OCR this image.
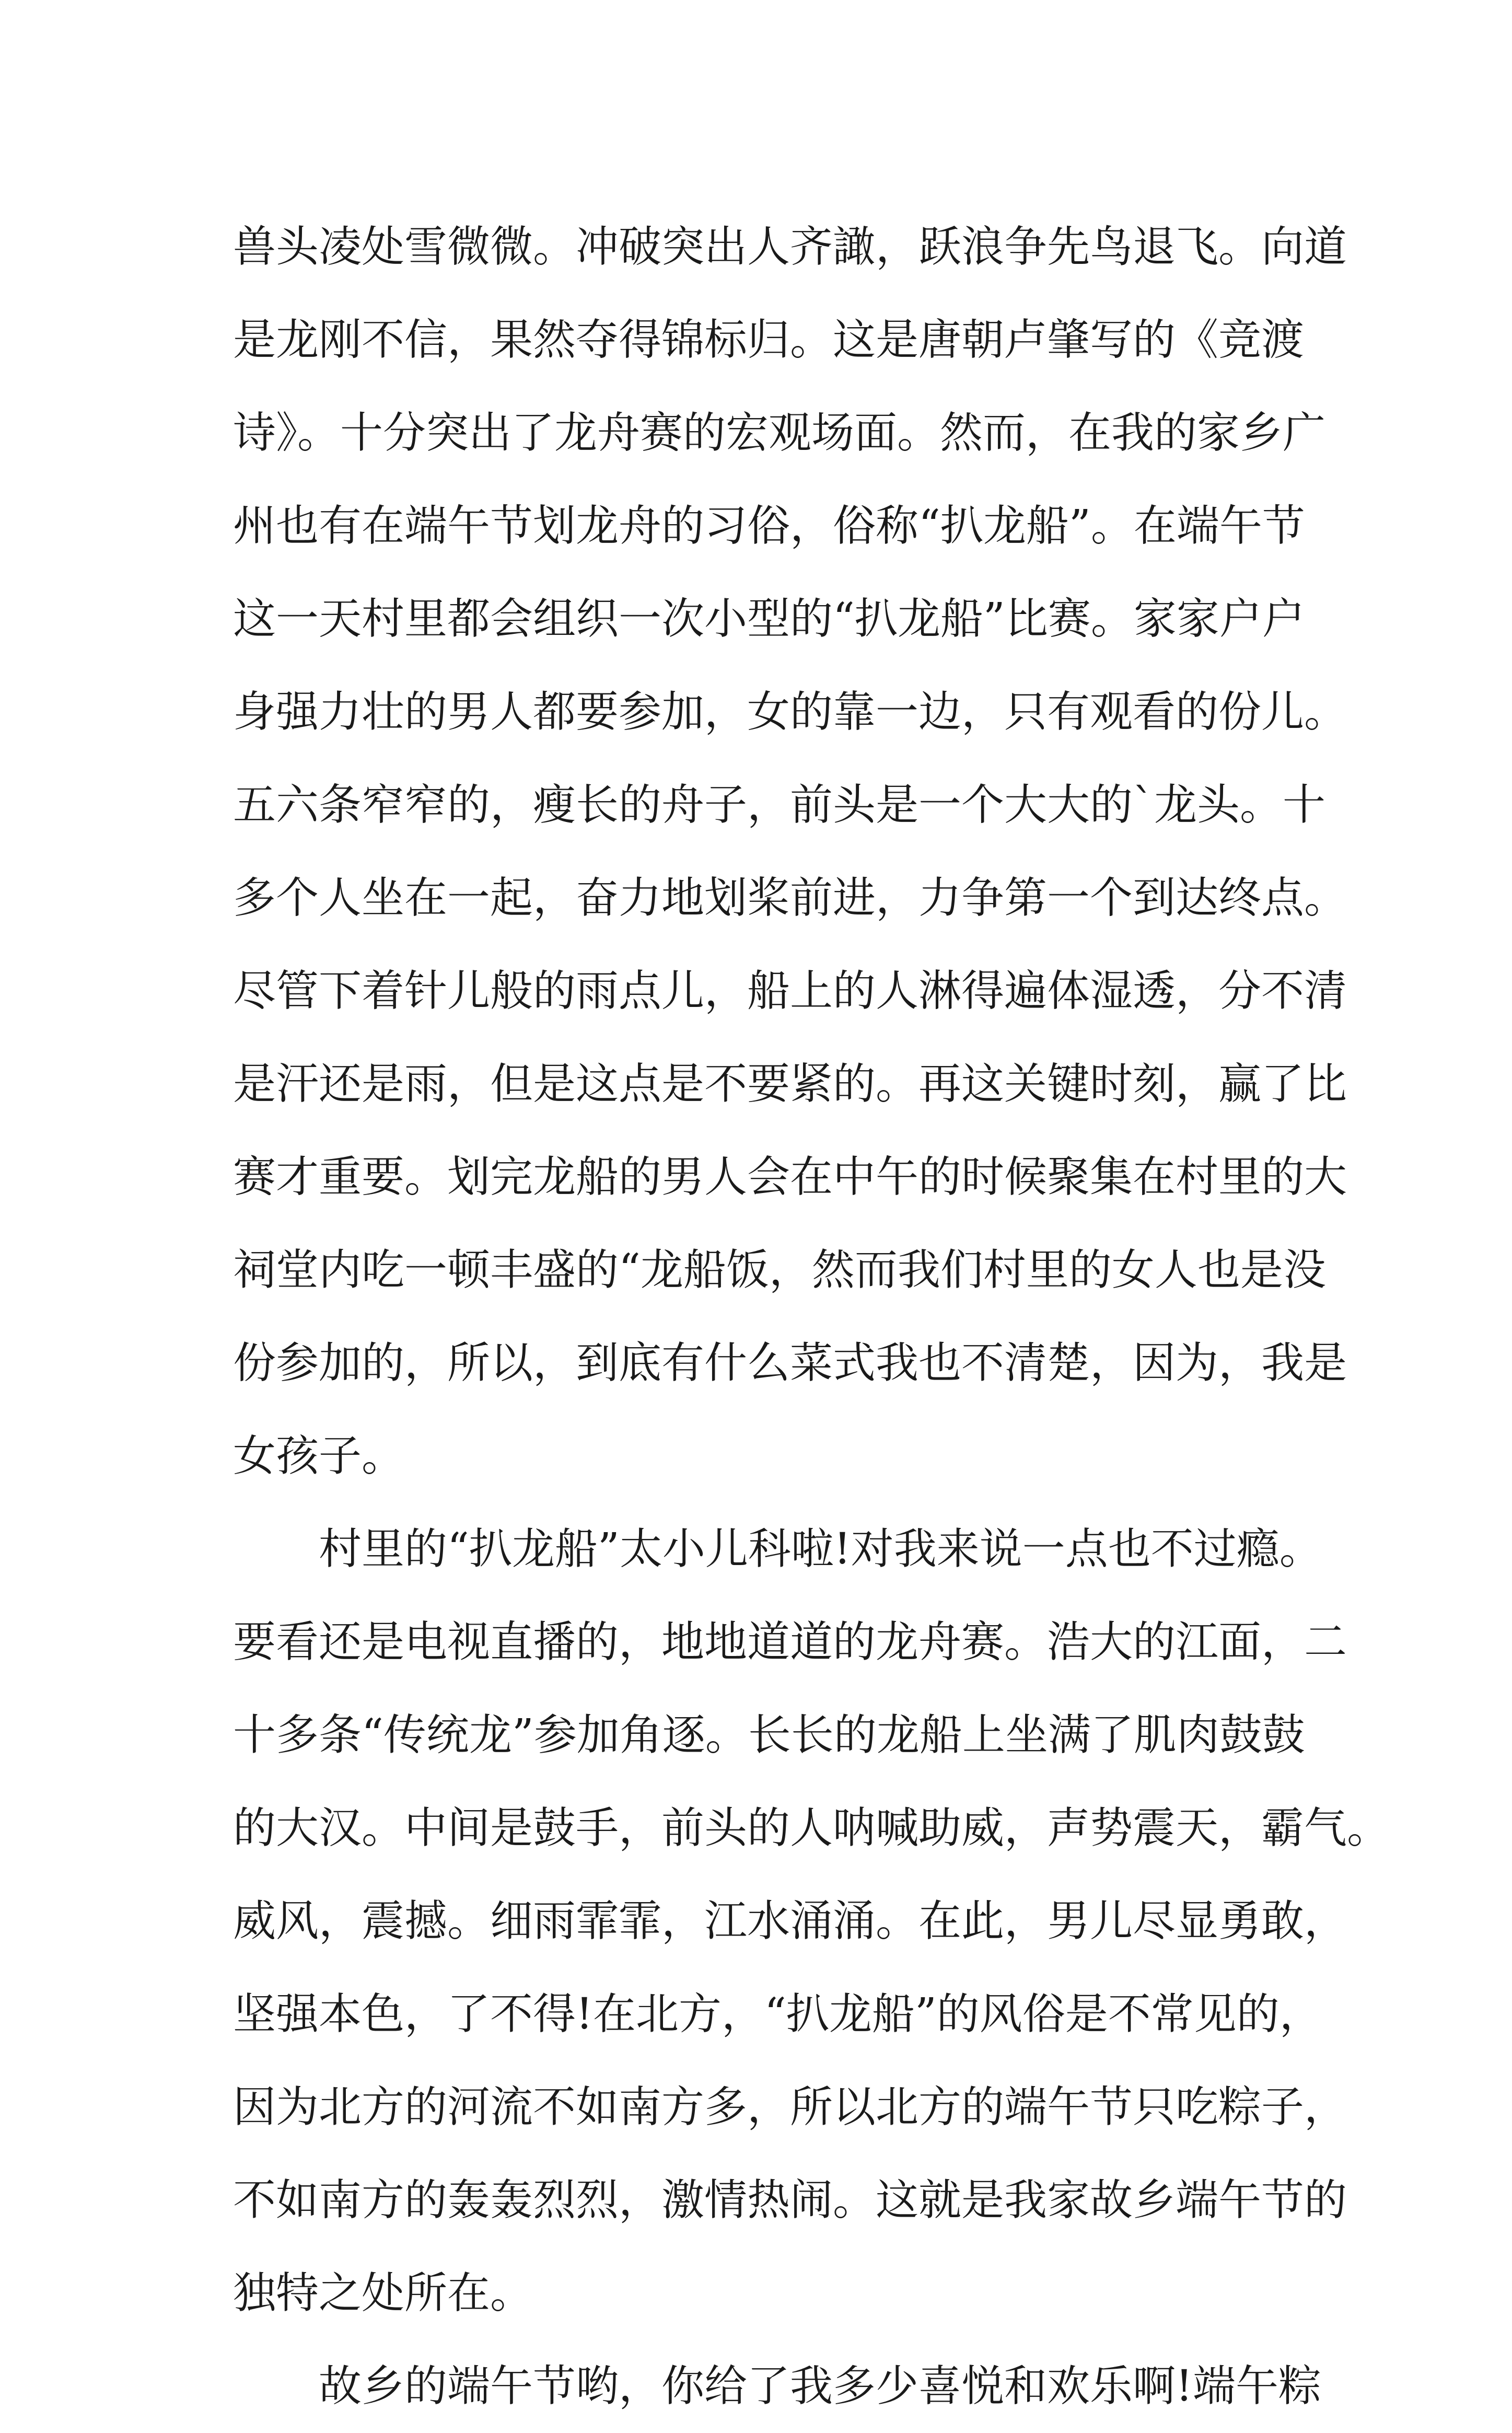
兽头凌处雪微微。冲破突出人齐譀，跃浪争先鸟退飞。向道
是龙刚不信，果然夺得锦标归。这是唐朝卢肇写的《竞渡
诗》。十分突出了龙舟赛的宏观场面。然而，在我的家乡广
州也有在端午节划龙舟的习俗，俗称“扒龙船”。在端午节
这一天村里都会组织一次小型的“扒龙船”比赛。家家户户
身强力壮的男人都要参加，女的靠一边，只有观看的份儿。
五六条窄窄的，瘦长的舟子，前头是一个大大的`龙头。十
多个人坐在一起，奋力地划桨前进，力争第一个到达终点。
尽管下着针儿般的雨点儿，船上的人淋得遍体湿透，分不清
是汗还是雨，但是这点是不要紧的。再这关键时刻，赢了比
赛才重要。划完龙船的男人会在中午的时候聚集在村里的大
祠堂内吃一顿丰盛的“龙船饭，然而我们村里的女人也是没
份参加的，所以，到底有什么菜式我也不清楚，因为，我是
女孩子。
村里的“扒龙船”太小儿科啦!对我来说一点也不过瘾。
要看还是电视直播的，地地道道的龙舟赛。浩大的江面，二
十多条“传统龙”参加角逐。长长的龙船上坐满了肌肉鼓鼓
的大汉。中间是鼓手，前头的人呐喊助威，声势震天，霸气。
威风，震撼。细雨霏霏，江水涌涌。在此，男儿尽显勇敢，
坚强本色，了不得!在北方，“扒龙船”的风俗是不常见的，
因为北方的河流不如南方多，所以北方的端午节只吃粽子，
不如南方的轰轰烈烈，激情热闹。这就是我家故乡端午节的
独特之处所在。
故乡的端午节哟，你给了我多少喜悦和欢乐啊!端午粽
